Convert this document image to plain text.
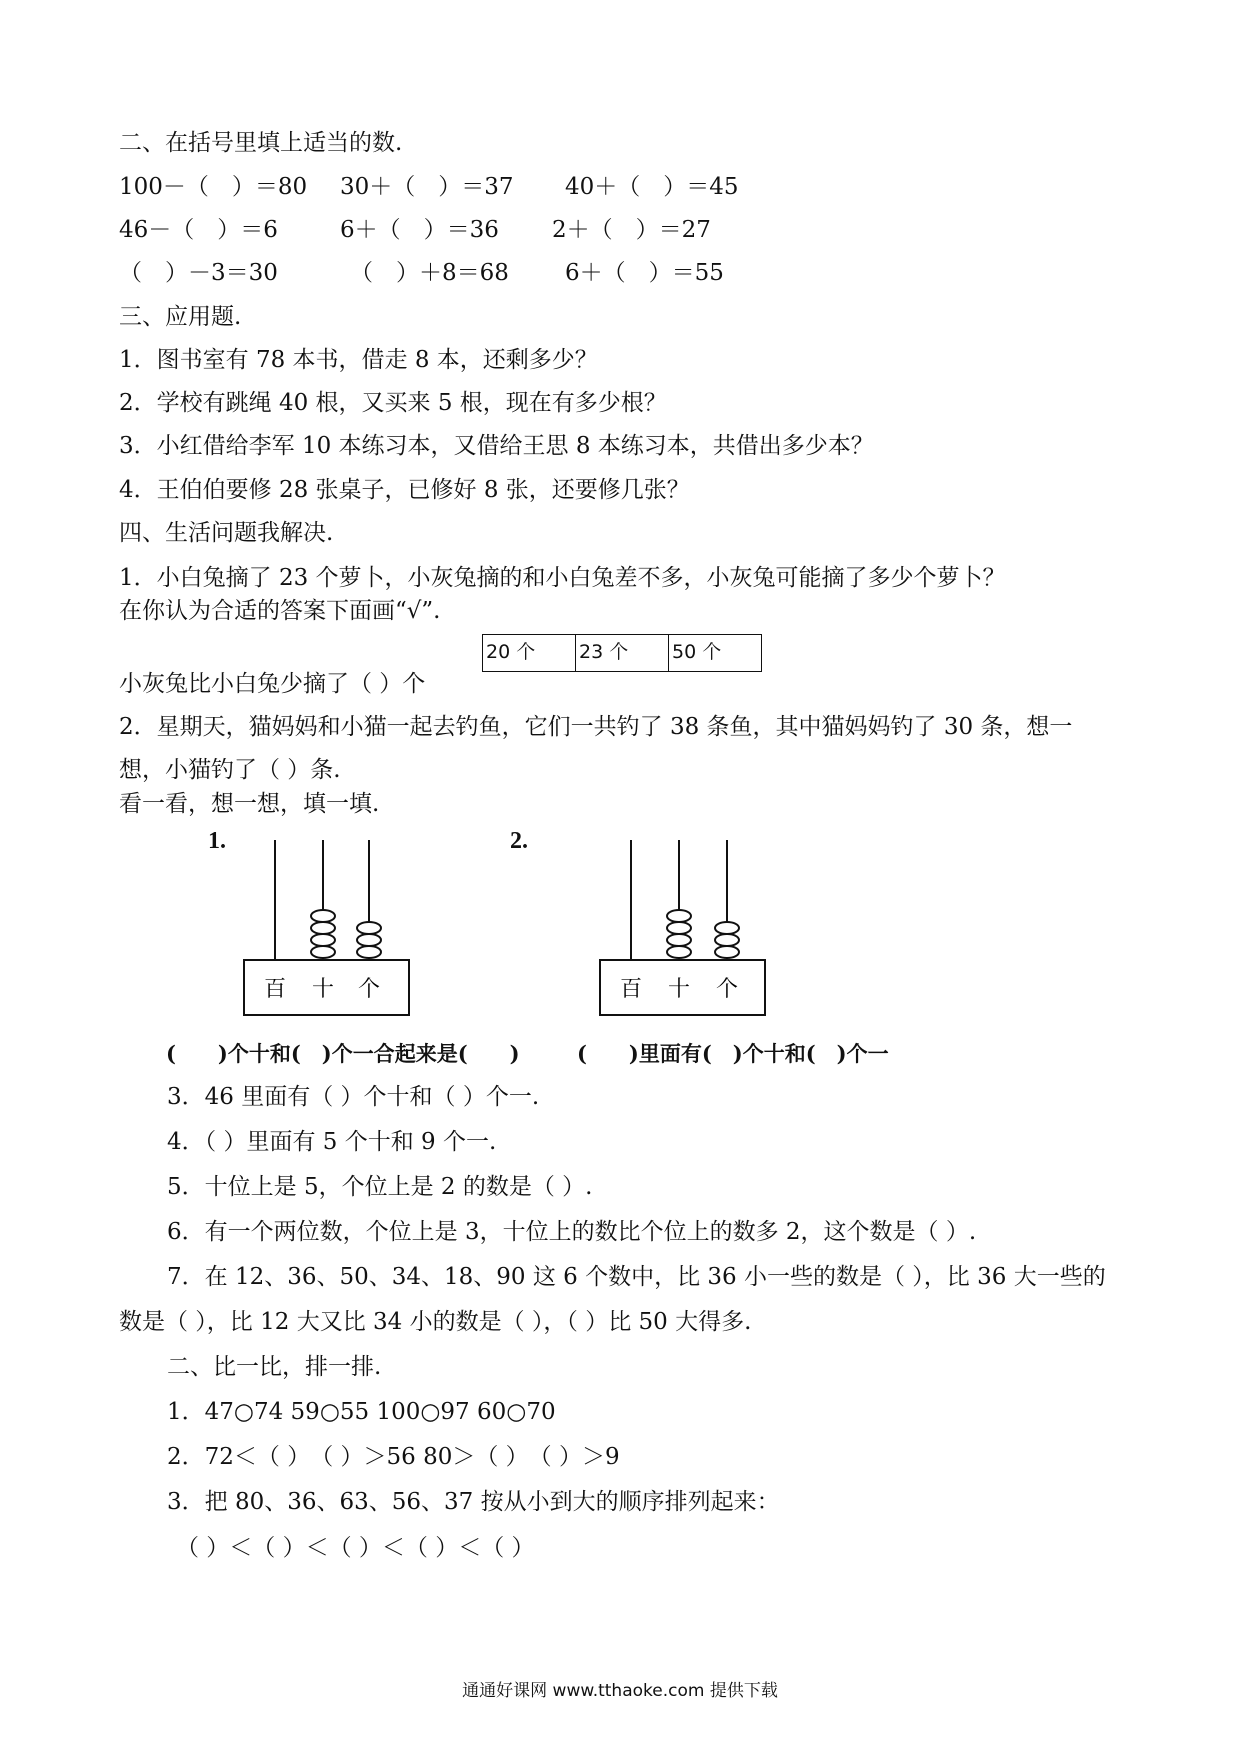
二、在括号里填上适当的数.
100－（　）＝80 30＋（　）＝37 40＋（　）＝45
46－（　）＝6	6＋（　）＝36 2＋（　）＝27
（　）－3＝30	（　）＋8＝68 6＋（　）＝55
三、应用题.
1．图书室有 78 本书，借走 8 本，还剩多少？
2．学校有跳绳 40 根，又买来 5 根，现在有多少根？
3．小红借给李军 10 本练习本，又借给王思 8 本练习本，共借出多少本？
4．王伯伯要修 28 张桌子，已修好 8 张，还要修几张？
四、生活问题我解决.
1．小白兔摘了 23 个萝卜，小灰兔摘的和小白兔差不多，小灰兔可能摘了多少个萝卜？
在你认为合适的答案下面画“√”.
20 个	23 个	50 个
小灰兔比小白兔少摘了（ ）个
2．星期天，猫妈妈和小猫一起去钓鱼，它们一共钓了 38 条鱼，其中猫妈妈钓了 30 条，想一
想，小猫钓了（ ）条.
看一看，想一想，填一填.
1.	2.
百 十 个	百 十 个
(　　)个十和(　)个一合起来是(　　)	(　　)里面有(　)个十和(　)个一
3．46 里面有（ ）个十和（ ）个一.
4．（ ）里面有 5 个十和 9 个一.
5．十位上是 5，个位上是 2 的数是（ ）.
6．有一个两位数，个位上是 3，十位上的数比个位上的数多 2，这个数是（ ）.
7．在 12、36、50、34、18、90 这 6 个数中，比 36 小一些的数是（ ），比 36 大一些的
数是（ ），比 12 大又比 34 小的数是（ ），（ ）比 50 大得多.
二、比一比，排一排.
1．47○74 59○55 100○97 60○70
2．72＜（ ）　（ ）＞56 80＞（ ）　（ ）＞9
3．把 80、36、63、56、37 按从小到大的顺序排列起来：
（ ）＜（ ）＜（ ）＜（ ）＜（ ）
通通好课网 www.tthaoke.com 提供下载
